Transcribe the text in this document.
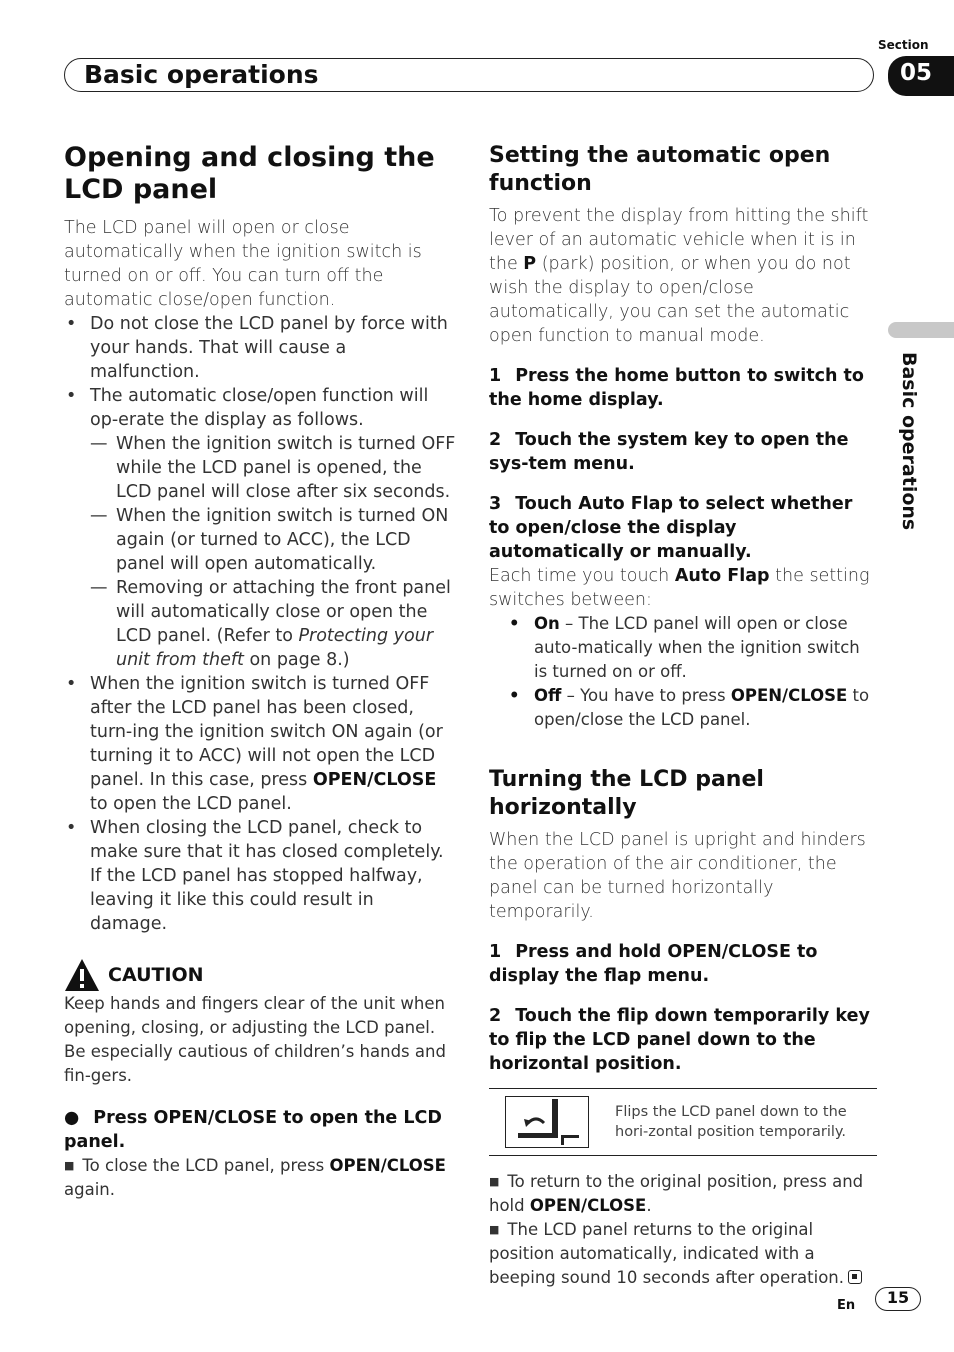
Section
Basic operations	05
Basic operations
Opening and closing the LCD panel

The LCD panel will open or close automatically when the ignition switch is turned on or off. You can turn off the automatic close/open function.

• Do not close the LCD panel by force with your hands. That will cause a malfunction.
• The automatic close/open function will op-erate the display as follows.
— When the ignition switch is turned OFF while the LCD panel is opened, the LCD panel will close after six seconds.
— When the ignition switch is turned ON again (or turned to ACC), the LCD panel will open automatically.
— Removing or attaching the front panel will automatically close or open the LCD panel. (Refer to Protecting your unit from theft on page 8.)
• When the ignition switch is turned OFF after the LCD panel has been closed, turn-ing the ignition switch ON again (or turning it to ACC) will not open the LCD panel. In this case, press OPEN/CLOSE to open the LCD panel.
• When closing the LCD panel, check to make sure that it has closed completely. If the LCD panel has stopped halfway, leaving it like this could result in damage.
CAUTION
Keep hands and fingers clear of the unit when opening, closing, or adjusting the LCD panel. Be especially cautious of children’s hands and fin-gers.
● Press OPEN/CLOSE to open the LCD panel.
■ To close the LCD panel, press OPEN/CLOSE again.
Setting the automatic open function

To prevent the display from hitting the shift lever of an automatic vehicle when it is in the P (park) position, or when you do not wish the display to open/close automatically, you can set the automatic open function to manual mode.

1 Press the home button to switch to the home display.
2 Touch the system key to open the sys-tem menu.
3 Touch Auto Flap to select whether to open/close the display automatically or manually.

Each time you touch Auto Flap the setting switches between:

• On – The LCD panel will open or close auto-matically when the ignition switch is turned on or off.
• Off – You have to press OPEN/CLOSE to open/close the LCD panel.
Turning the LCD panel horizontally

When the LCD panel is upright and hinders the operation of the air conditioner, the panel can be turned horizontally temporarily.

1 Press and hold OPEN/CLOSE to display the flap menu.
2 Touch the flip down temporarily key to flip the LCD panel down to the horizontal position.
Flips the LCD panel down to the hori-zontal position temporarily.
■ To return to the original position, press and hold OPEN/CLOSE.
■ The LCD panel returns to the original position automatically, indicated with a beeping sound 10 seconds after operation.
En	15
